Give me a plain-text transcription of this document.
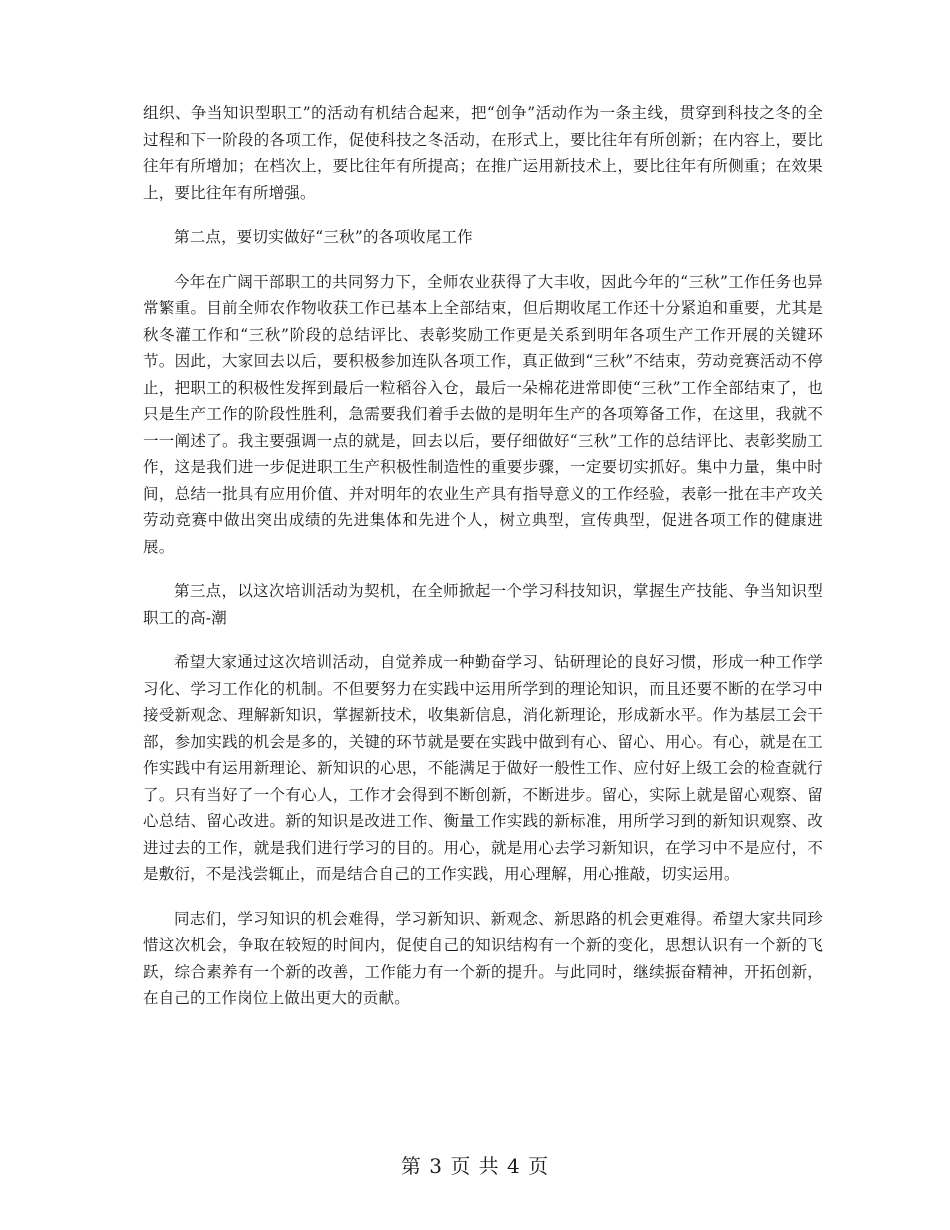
组织、争当知识型职工”的活动有机结合起来，把“创争”活动作为一条主线，贯穿到科技之冬的全过程和下一阶段的各项工作，促使科技之冬活动，在形式上，要比往年有所创新；在内容上，要比往年有所增加；在档次上，要比往年有所提高；在推广运用新技术上，要比往年有所侧重；在效果上，要比往年有所增强。

第二点，要切实做好“三秋”的各项收尾工作

今年在广阔干部职工的共同努力下，全师农业获得了大丰收，因此今年的“三秋”工作任务也异常繁重。目前全师农作物收获工作已基本上全部结束，但后期收尾工作还十分紧迫和重要，尤其是秋冬灌工作和“三秋”阶段的总结评比、表彰奖励工作更是关系到明年各项生产工作开展的关键环节。因此，大家回去以后，要积极参加连队各项工作，真正做到“三秋”不结束，劳动竞赛活动不停止，把职工的积极性发挥到最后一粒稻谷入仓，最后一朵棉花进常即使“三秋”工作全部结束了，也只是生产工作的阶段性胜利，急需要我们着手去做的是明年生产的各项筹备工作，在这里，我就不一一阐述了。我主要强调一点的就是，回去以后，要仔细做好“三秋”工作的总结评比、表彰奖励工作，这是我们进一步促进职工生产积极性制造性的重要步骤，一定要切实抓好。集中力量，集中时间，总结一批具有应用价值、并对明年的农业生产具有指导意义的工作经验，表彰一批在丰产攻关劳动竞赛中做出突出成绩的先进集体和先进个人，树立典型，宣传典型，促进各项工作的健康进展。

第三点，以这次培训活动为契机，在全师掀起一个学习科技知识，掌握生产技能、争当知识型职工的高-潮

希望大家通过这次培训活动，自觉养成一种勤奋学习、钻研理论的良好习惯，形成一种工作学习化、学习工作化的机制。不但要努力在实践中运用所学到的理论知识，而且还要不断的在学习中接受新观念、理解新知识，掌握新技术，收集新信息，消化新理论，形成新水平。作为基层工会干部，参加实践的机会是多的，关键的环节就是要在实践中做到有心、留心、用心。有心，就是在工作实践中有运用新理论、新知识的心思，不能满足于做好一般性工作、应付好上级工会的检查就行了。只有当好了一个有心人，工作才会得到不断创新，不断进步。留心，实际上就是留心观察、留心总结、留心改进。新的知识是改进工作、衡量工作实践的新标准，用所学习到的新知识观察、改进过去的工作，就是我们进行学习的目的。用心，就是用心去学习新知识，在学习中不是应付，不是敷衍，不是浅尝辄止，而是结合自己的工作实践，用心理解，用心推敲，切实运用。

同志们，学习知识的机会难得，学习新知识、新观念、新思路的机会更难得。希望大家共同珍惜这次机会，争取在较短的时间内，促使自己的知识结构有一个新的变化，思想认识有一个新的飞跃，综合素养有一个新的改善，工作能力有一个新的提升。与此同时，继续振奋精神，开拓创新，在自己的工作岗位上做出更大的贡献。

第 3 页 共 4 页
